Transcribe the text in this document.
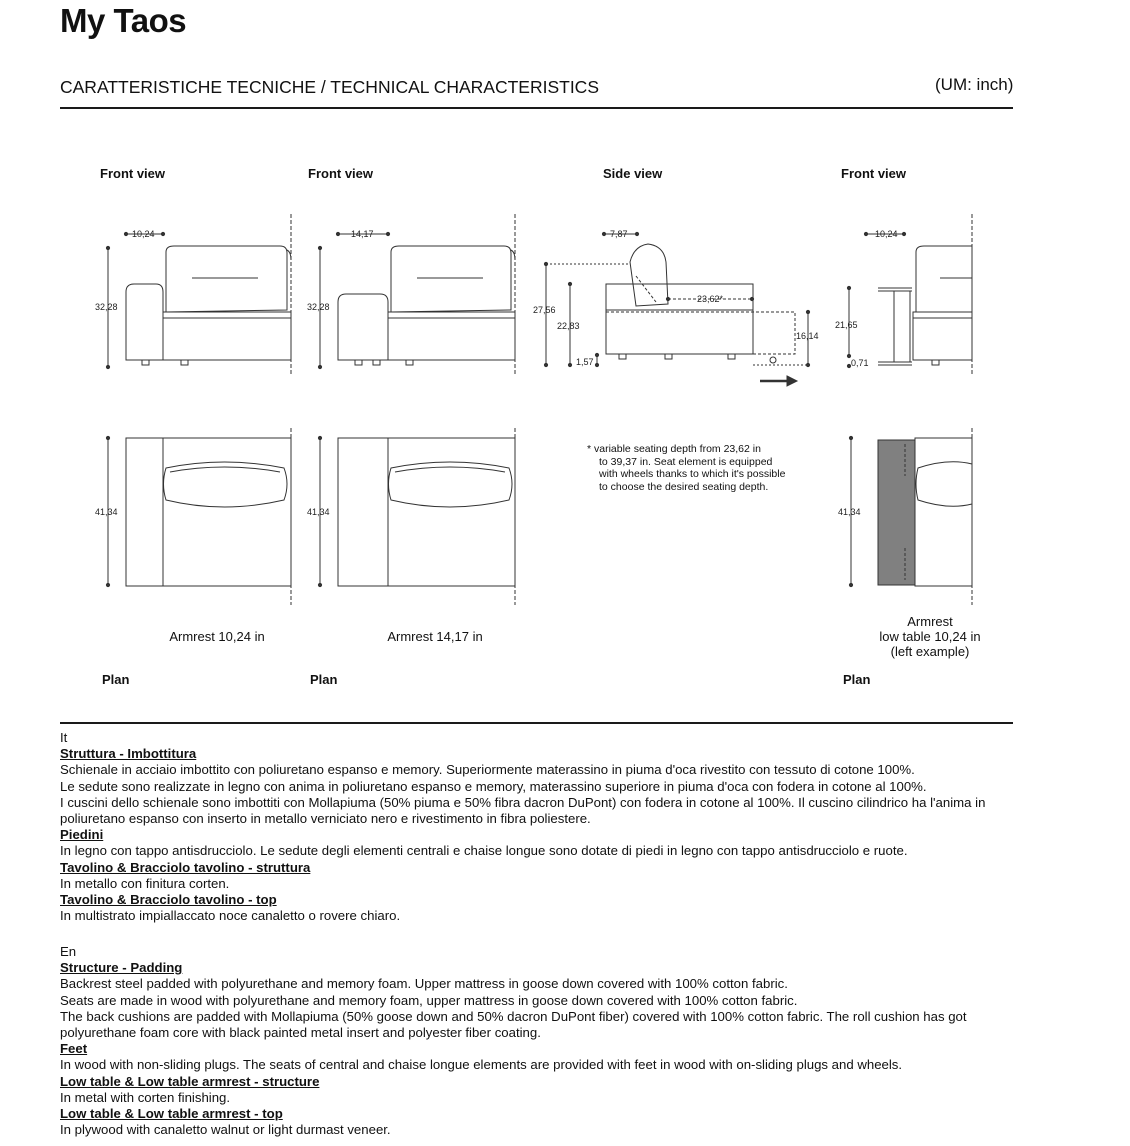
My Taos
CARATTERISTICHE TECNICHE / TECHNICAL CHARACTERISTICS	(UM: inch)
Front view	Front view	Side view	Front view
10,24
32,28
14,17
32,28
7,87
27,56
22,83
1,57
23,62*
16,14
10,24
21,65
0,71
41,34	41,34	41,34
* variable seating depth from 23,62 in
to 39,37 in. Seat element is equipped
with wheels thanks to which it's possible
to choose the desired seating depth.
Armrest 10,24 in	Armrest 14,17 in
Armrest
low table 10,24 in
(left example)
Plan	Plan	Plan
It
Struttura - Imbottitura
Schienale in acciaio imbottito con poliuretano espanso e memory. Superiormente materassino in piuma d'oca rivestito con tessuto di cotone 100%.
Le sedute sono realizzate in legno con anima in poliuretano espanso e memory, materassino superiore in piuma d'oca con fodera in cotone al 100%.
I cuscini dello schienale sono imbottiti con Mollapiuma (50% piuma e 50% fibra dacron DuPont) con fodera in cotone al 100%. Il cuscino cilindrico ha l'anima in poliuretano espanso con inserto in metallo verniciato nero e rivestimento in fibra poliestere.
Piedini
In legno con tappo antisdrucciolo. Le sedute degli elementi centrali e chaise longue sono dotate di piedi in legno con tappo antisdrucciolo e ruote.
Tavolino & Bracciolo tavolino - struttura
In metallo con finitura corten.
Tavolino & Bracciolo tavolino - top
In multistrato impiallaccato noce canaletto o rovere chiaro.
En
Structure - Padding
Backrest steel padded with polyurethane and memory foam. Upper mattress in goose down covered with 100% cotton fabric.
Seats are made in wood with polyurethane and memory foam, upper mattress in goose down covered with 100% cotton fabric.
The back cushions are padded with Mollapiuma (50% goose down and 50% dacron DuPont fiber) covered with 100% cotton fabric. The roll cushion has got polyurethane foam core with black painted metal insert and polyester fiber coating.
Feet
In wood with non-sliding plugs. The seats of central and chaise longue elements are provided with feet in wood with on-sliding plugs and wheels.
Low table & Low table armrest - structure
In metal with corten finishing.
Low table & Low table armrest - top
In plywood with canaletto walnut or light durmast veneer.
